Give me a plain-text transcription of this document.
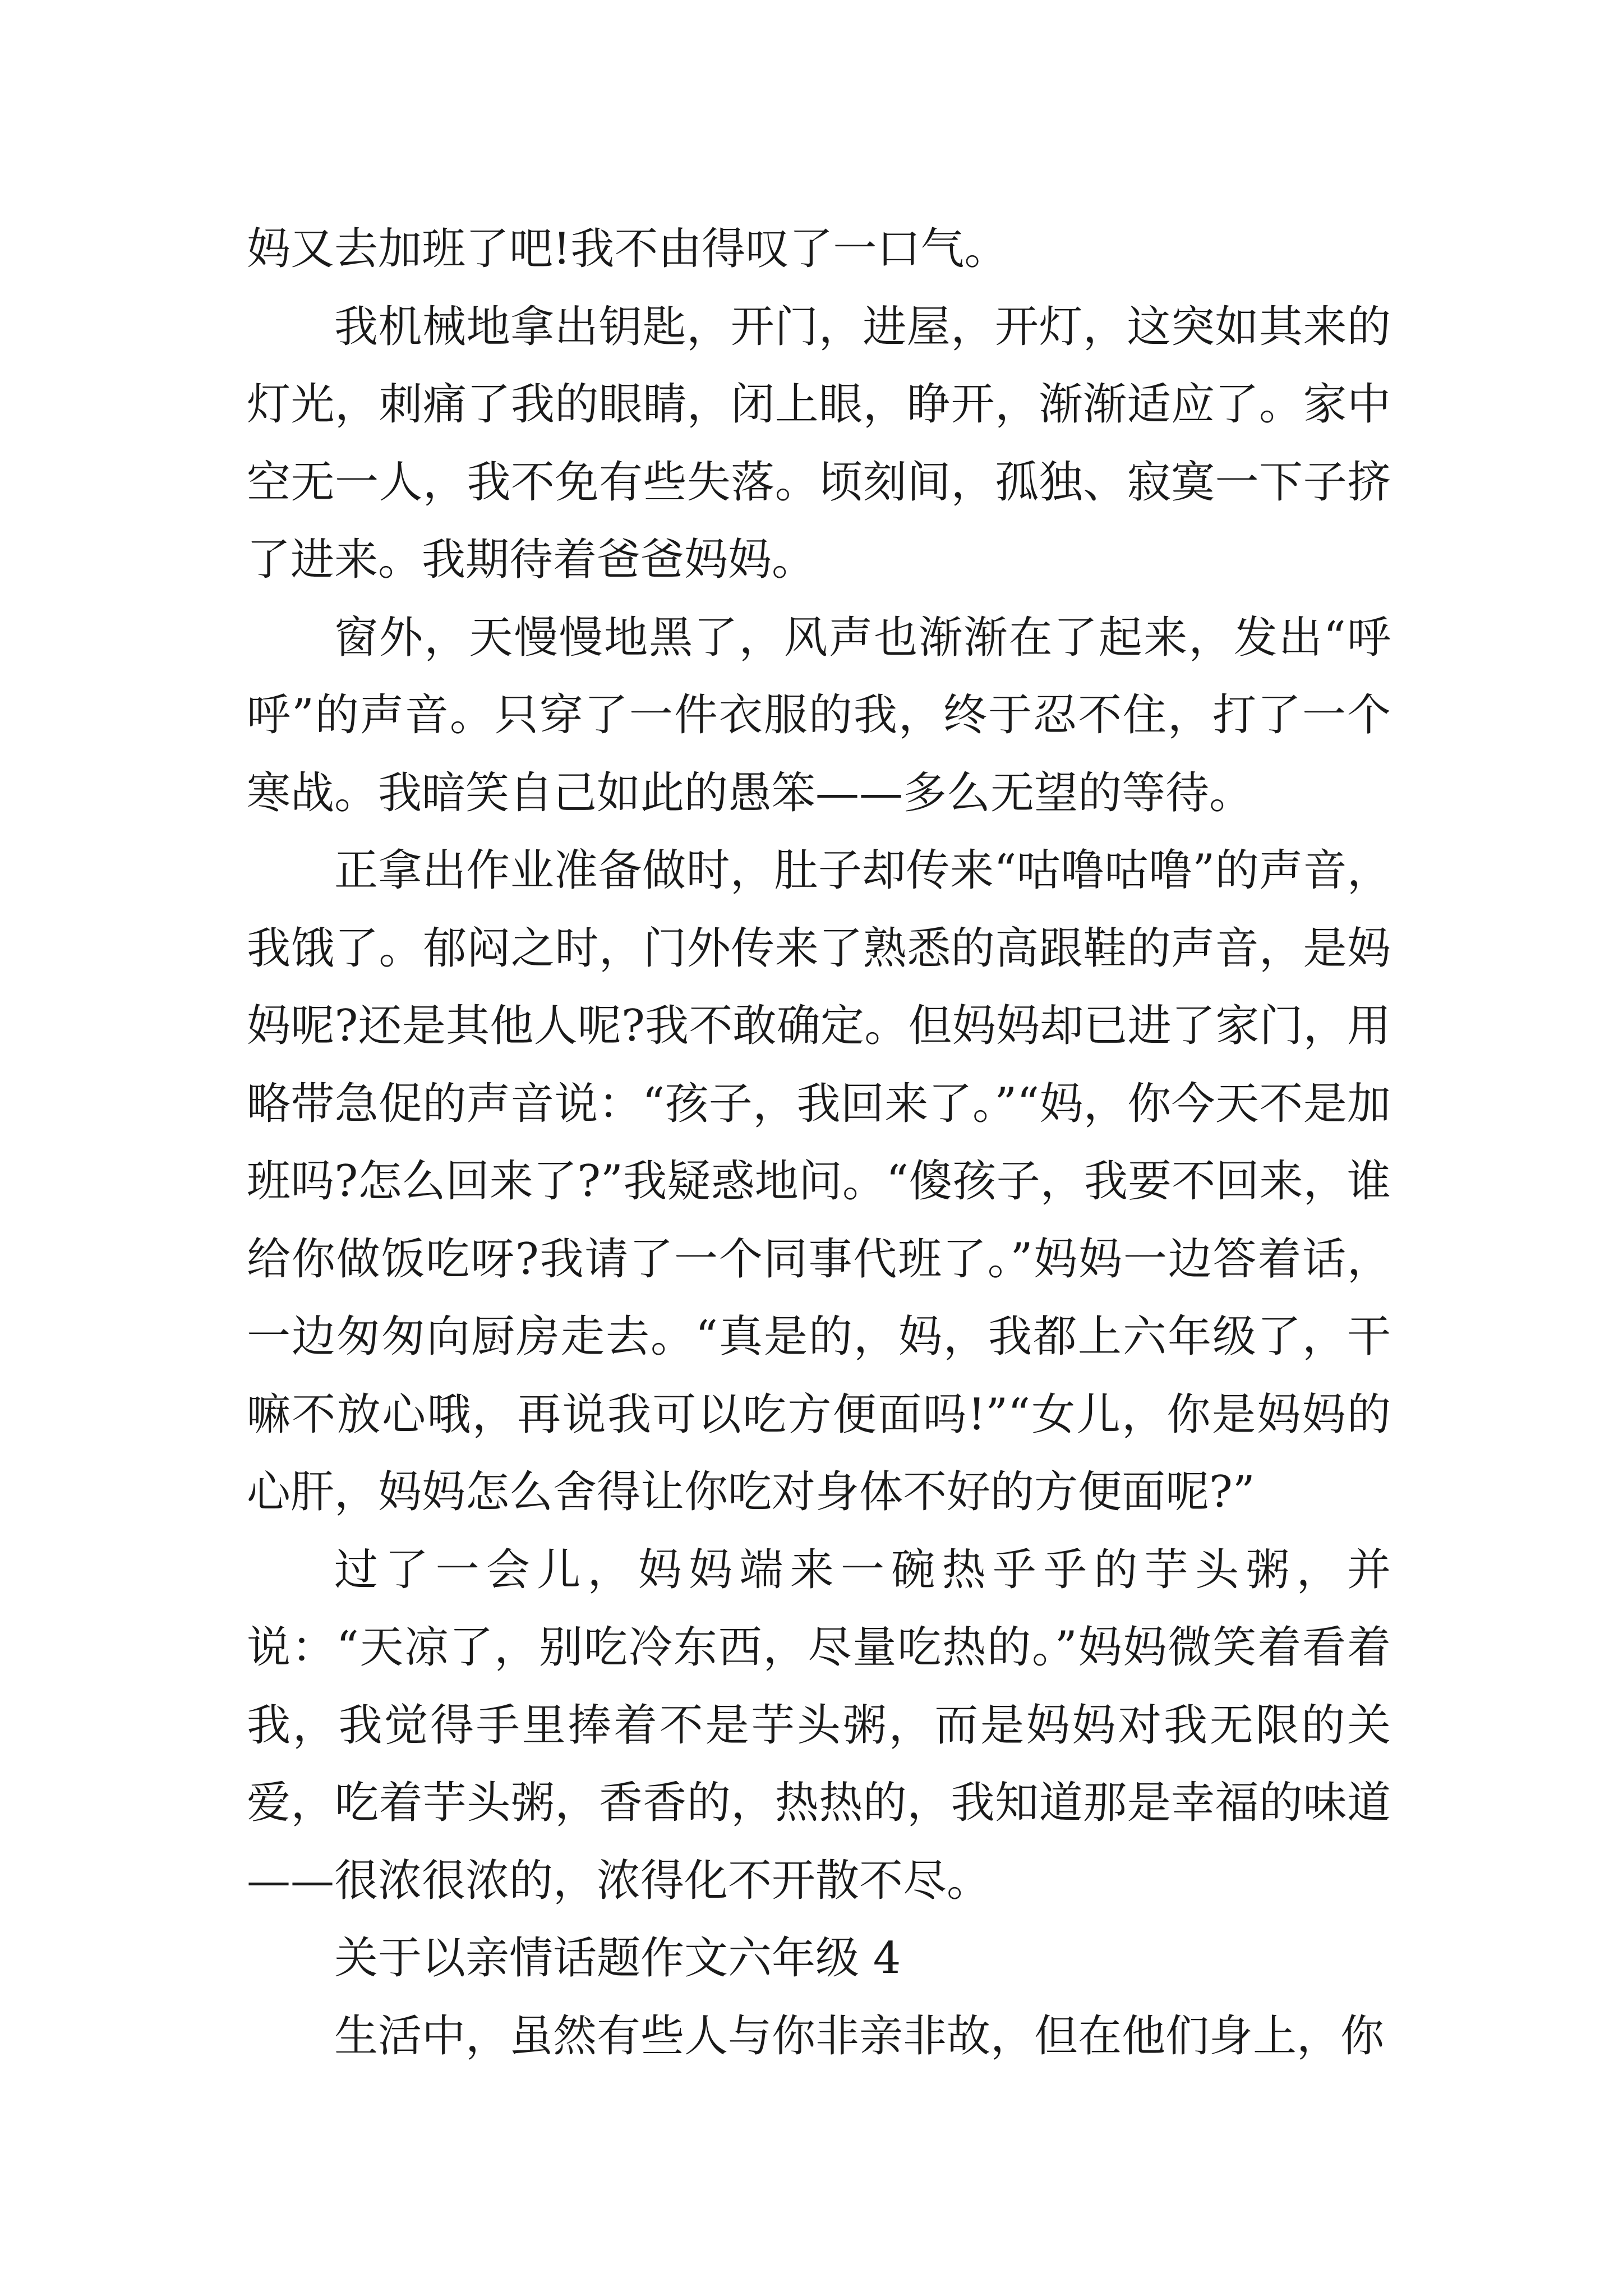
妈又去加班了吧!我不由得叹了一口气。

我机械地拿出钥匙，开门，进屋，开灯，这突如其来的灯光，刺痛了我的眼睛，闭上眼，睁开，渐渐适应了。家中空无一人，我不免有些失落。顷刻间，孤独、寂寞一下子挤了进来。我期待着爸爸妈妈。

窗外，天慢慢地黑了，风声也渐渐在了起来，发出“呼呼”的声音。只穿了一件衣服的我，终于忍不住，打了一个寒战。我暗笑自己如此的愚笨——多么无望的等待。

正拿出作业准备做时，肚子却传来“咕噜咕噜”的声音，我饿了。郁闷之时，门外传来了熟悉的高跟鞋的声音，是妈妈呢?还是其他人呢?我不敢确定。但妈妈却已进了家门，用略带急促的声音说：“孩子，我回来了。”“妈，你今天不是加班吗?怎么回来了?”我疑惑地问。“傻孩子，我要不回来，谁给你做饭吃呀?我请了一个同事代班了。”妈妈一边答着话，一边匆匆向厨房走去。“真是的，妈，我都上六年级了，干嘛不放心哦，再说我可以吃方便面吗!”“女儿，你是妈妈的心肝，妈妈怎么舍得让你吃对身体不好的方便面呢?”

过了一会儿，妈妈端来一碗热乎乎的芋头粥，并说：“天凉了，别吃冷东西，尽量吃热的。”妈妈微笑着看着我，我觉得手里捧着不是芋头粥，而是妈妈对我无限的关爱，吃着芋头粥，香香的，热热的，我知道那是幸福的味道——很浓很浓的，浓得化不开散不尽。

关于以亲情话题作文六年级 4

生活中，虽然有些人与你非亲非故，但在他们身上，你
